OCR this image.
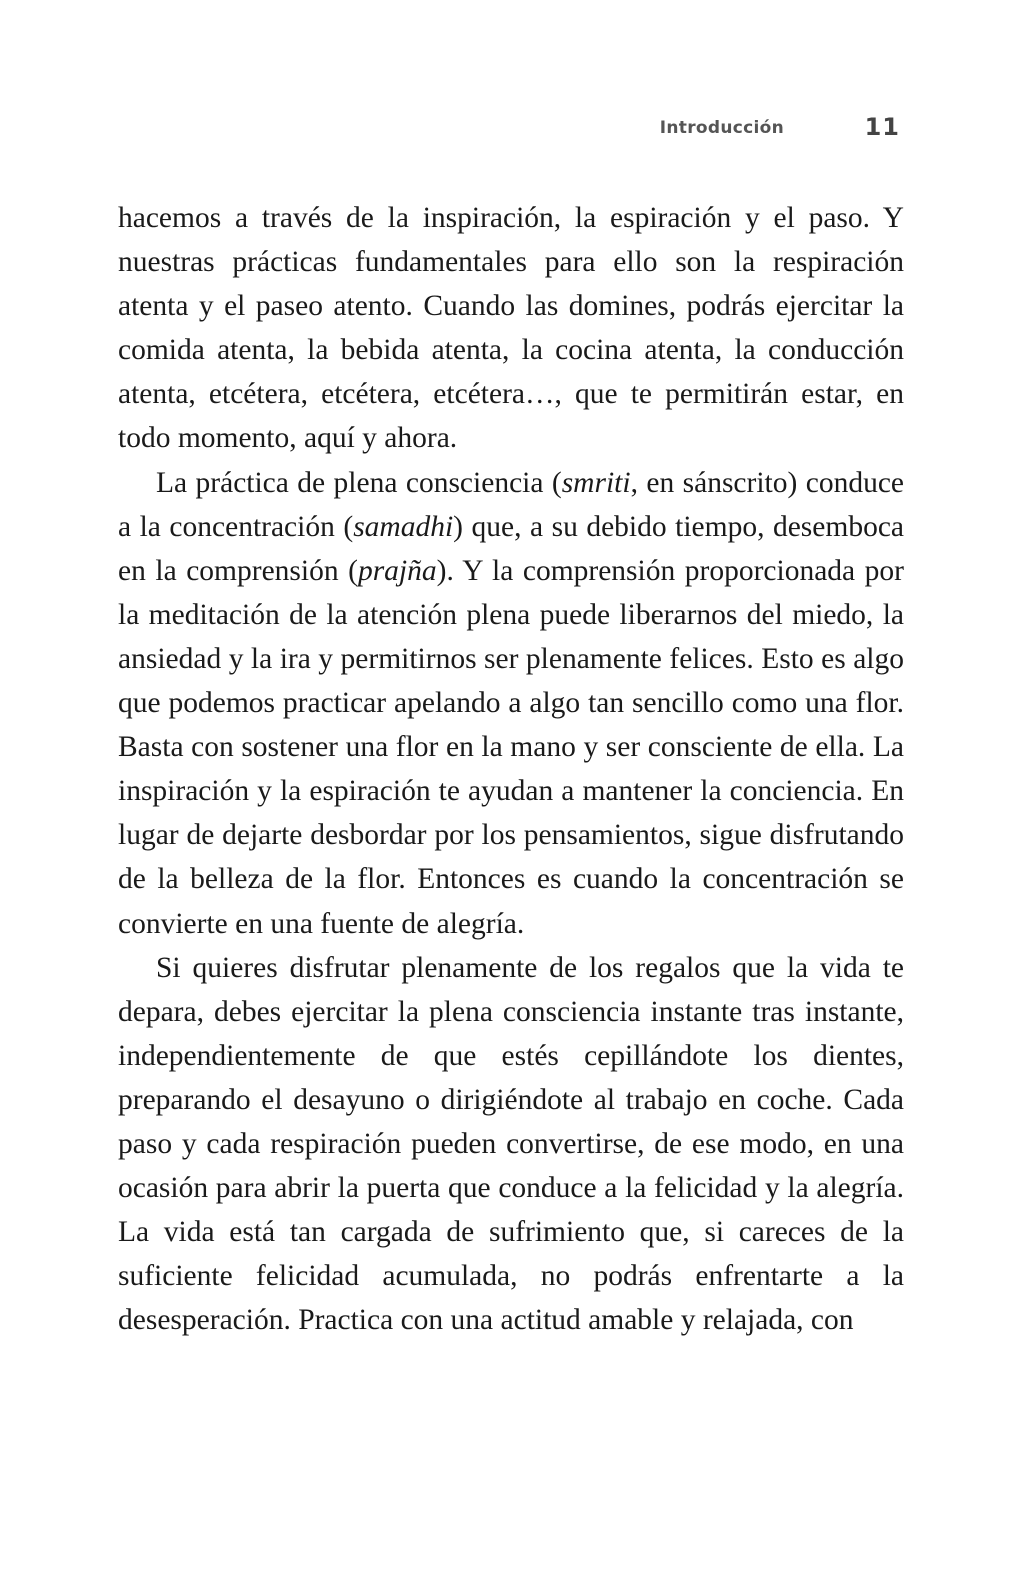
Introducción	11

hacemos a través de la inspiración, la espiración y el paso. Y nuestras prácticas fundamentales para ello son la respiración atenta y el paseo atento. Cuando las domines, podrás ejercitar la comida atenta, la bebida atenta, la cocina atenta, la conducción atenta, etcétera, etcétera, etcétera…, que te permitirán estar, en todo momento, aquí y ahora.

La práctica de plena consciencia (smriti, en sánscrito) conduce a la concentración (samadhi) que, a su debido tiempo, desemboca en la comprensión (prajña). Y la comprensión proporcionada por la meditación de la atención plena puede liberarnos del miedo, la ansiedad y la ira y permitirnos ser plenamente felices. Esto es algo que podemos practicar apelando a algo tan sencillo como una flor. Basta con sostener una flor en la mano y ser consciente de ella. La inspiración y la espiración te ayudan a mantener la conciencia. En lugar de dejarte desbordar por los pensamientos, sigue disfrutando de la belleza de la flor. Entonces es cuando la concentración se convierte en una fuente de alegría.

Si quieres disfrutar plenamente de los regalos que la vida te depara, debes ejercitar la plena consciencia instante tras instante, independientemente de que estés cepillándote los dientes, preparando el desayuno o dirigiéndote al trabajo en coche. Cada paso y cada respiración pueden convertirse, de ese modo, en una ocasión para abrir la puerta que conduce a la felicidad y la alegría. La vida está tan cargada de sufrimiento que, si careces de la suficiente felicidad acumulada, no podrás enfrentarte a la desesperación. Practica con una actitud amable y relajada, con
